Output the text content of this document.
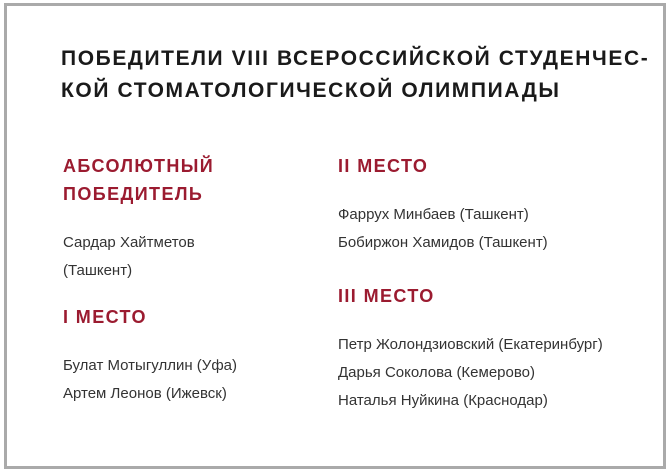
ПОБЕДИТЕЛИ VIII ВСЕРОССИЙСКОЙ СТУДЕНЧЕС-
КОЙ СТОМАТОЛОГИЧЕСКОЙ ОЛИМПИАДЫ
АБСОЛЮТНЫЙ
ПОБЕДИТЕЛЬ
Сардар Хайтметов
(Ташкент)
I МЕСТО
Булат Мотыгуллин (Уфа)
Артем Леонов (Ижевск)
II МЕСТО
Фаррух Минбаев (Ташкент)
Бобиржон Хамидов (Ташкент)
III МЕСТО
Петр Жолондзиовский (Екатеринбург)
Дарья Соколова (Кемерово)
Наталья Нуйкина (Краснодар)
